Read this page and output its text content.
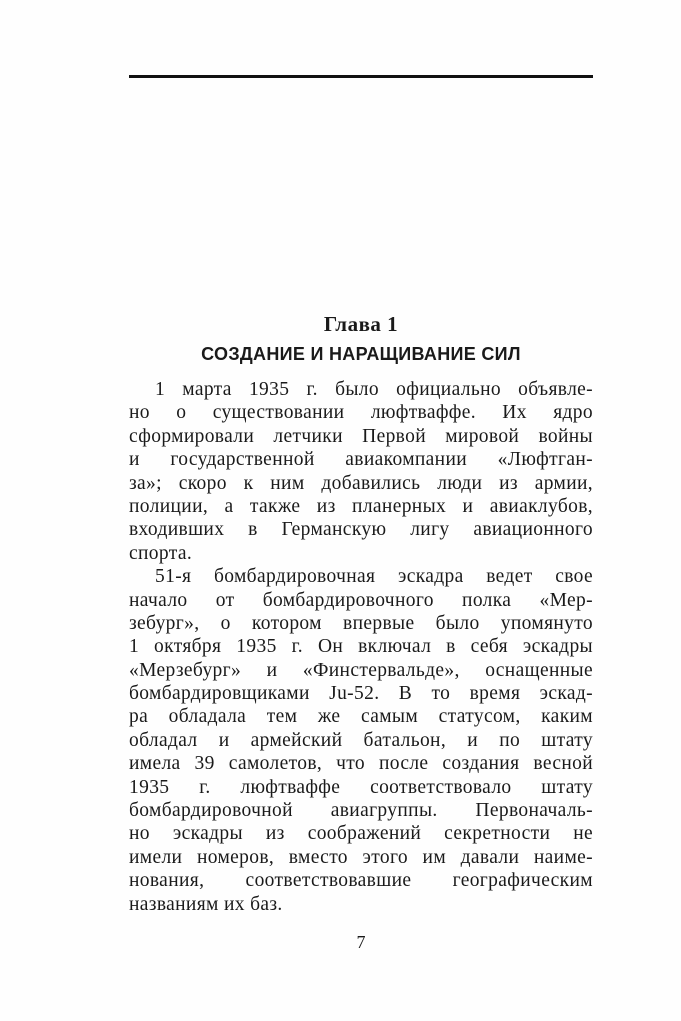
Глава 1
СОЗДАНИЕ И НАРАЩИВАНИЕ СИЛ
1 марта 1935 г. было официально объявле-
но о существовании люфтваффе. Их ядро
сформировали летчики Первой мировой войны
и государственной авиакомпании «Люфтган-
за»; скоро к ним добавились люди из армии,
полиции, а также из планерных и авиаклубов,
входивших в Германскую лигу авиационного
спорта.
51-я бомбардировочная эскадра ведет свое
начало от бомбардировочного полка «Мер-
зебург», о котором впервые было упомянуто
1 октября 1935 г. Он включал в себя эскадры
«Мерзебург» и «Финстервальде», оснащенные
бомбардировщиками Ju-52. В то время эскад-
ра обладала тем же самым статусом, каким
обладал и армейский батальон, и по штату
имела 39 самолетов, что после создания весной
1935 г. люфтваффе соответствовало штату
бомбардировочной авиагруппы. Первоначаль-
но эскадры из соображений секретности не
имели номеров, вместо этого им давали наиме-
нования, соответствовавшие географическим
названиям их баз.
7
